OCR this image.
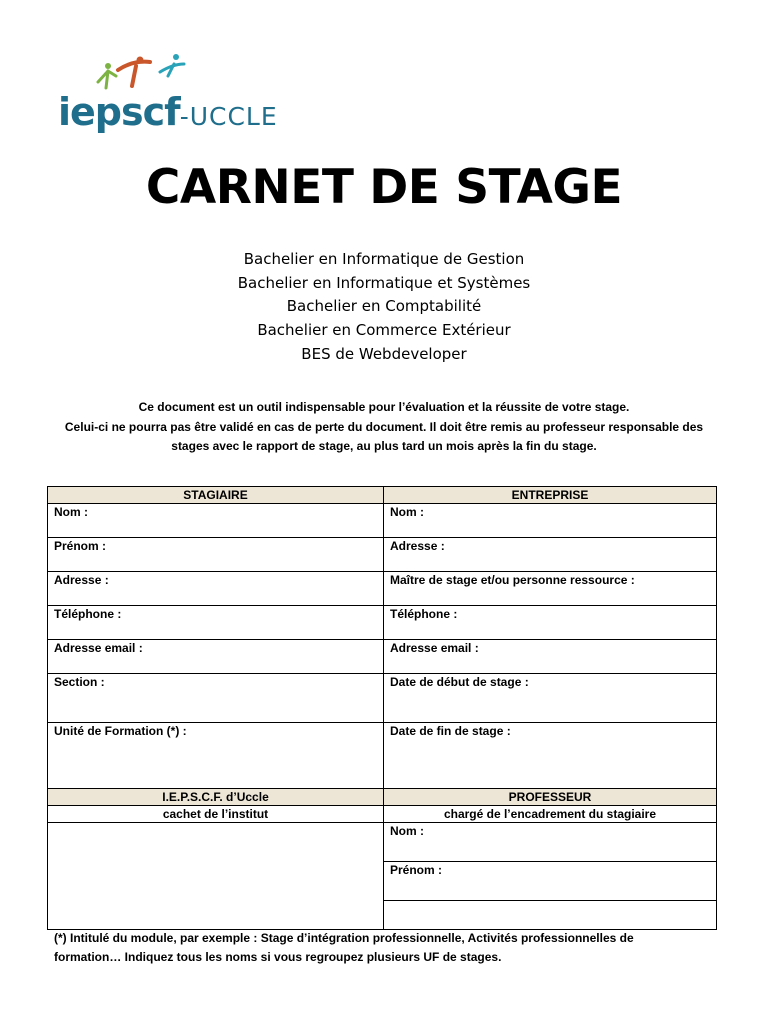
iepscf-UCCLE
CARNET DE STAGE
Bachelier en Informatique de Gestion
Bachelier en Informatique et Systèmes
Bachelier en Comptabilité
Bachelier en Commerce Extérieur
BES de Webdeveloper
Ce document est un outil indispensable pour l’évaluation et la réussite de votre stage.
Celui-ci ne pourra pas être validé en cas de perte du document. Il doit être remis au professeur responsable des
stages avec le rapport de stage, au plus tard un mois après la fin du stage.
STAGIAIRE	ENTREPRISE
Nom :	Nom :
Prénom :	Adresse :
Adresse :	Maître de stage et/ou personne ressource :
Téléphone :	Téléphone :
Adresse email :	Adresse email :
Section :	Date de début de stage :
Unité de Formation (*) :	Date de fin de stage :
I.E.P.S.C.F. d’Uccle	PROFESSEUR
cachet de l’institut	chargé de l’encadrement du stagiaire
	Nom :
	Prénom :

(*) Intitulé du module, par exemple : Stage d’intégration professionnelle, Activités professionnelles de
formation… Indiquez tous les noms si vous regroupez plusieurs UF de stages.
